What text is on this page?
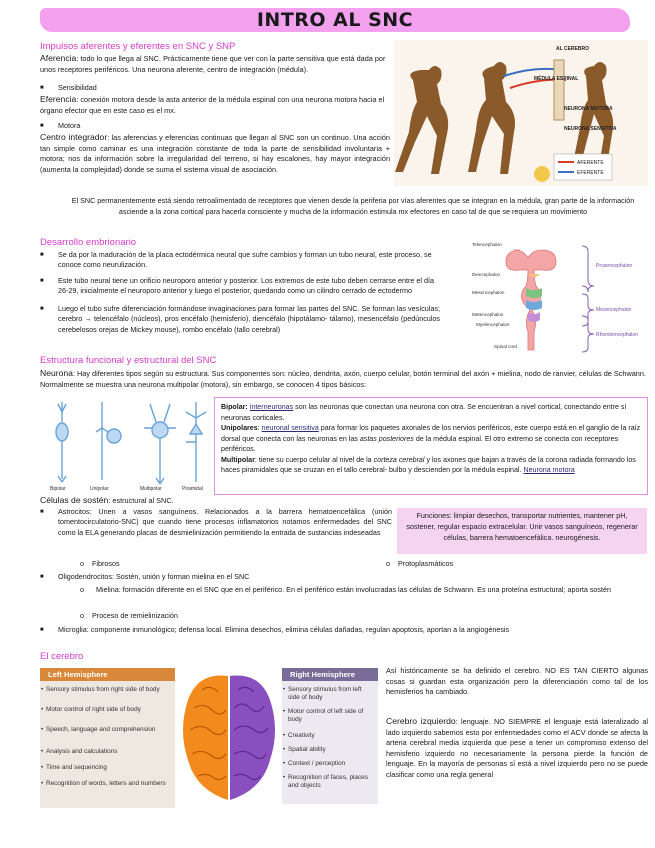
INTRO AL SNC
Impulsos aferentes y eferentes en SNC y SNP
Aferencia: todo lo que llega al SNC. Prácticamente tiene que ver con la parte sensitiva que está dada por unos receptores periféricos. Una neurona aferente, centro de integración (médula).
■	Sensibilidad
Eferencia: conexión motora desde la asta anterior de la médula espinal con una neurona motora hacia el órgano efector que en este caso es el mx.
■	Motora
Centro integrador: las aferencias y eferencias continuas que llegan al SNC son un continuo. Una acción tan simple como caminar es una integración constante de toda la parte de sensibilidad involuntaria + motora; nos da información sobre la irregularidad del terreno, si hay escalones, hay mayor integración (aumenta la complejidad) donde se suma el sistema visual de asociación.
AL CEREBRO
MÉDULA ESPINAL
NEURONA MOTORA
NEURONA SENSITIVA
AFERENTE
EFERENTE
El SNC permanentemente está siendo retroalimentado de receptores que vienen desde la periferia por vías aferentes que se integran en la médula, gran parte de la información asciende a la zona cortical para hacerla consciente y mucha de la información estimula mx efectores en caso tal de que se requiera un movimiento
Desarrollo embrionario
■	Se da por la maduración de la placa ectodérmica neural que sufre cambios y forman un tubo neural, este proceso, se conoce como neurulización.
■	Este tubo neural tiene un orificio neuroporo anterior y posterior. Los extremos de este tubo deben cerrarse entre el día 26-29, inicialmente el neuroporo anterior y luego el posterior, quedando como un cilindro cerrado de ectodermo
■	Luego el tubo sufre diferenciación formándose invaginaciones para formar las partes del SNC. Se forman las vesículas; cerebro → telencéfalo (núcleos), pros encéfalo (hemisferio), diencéfalo (hipotálamo- tálamo), mesencéfalo (pedúnculos cerebelosos orejas de Mickey mouse), rombo encéfalo (tallo cerebral)
Telencephalon
Diencephalon
Mesencephalon
Metencephalon
Myelencephalon
Spinal cord
Prosencephalon
Mesencephalon
Rhombencephalon
Estructura funcional y estructural del SNC
Neurona: Hay diferentes tipos según su estructura. Sus componentes son: núcleo, dendrita, axón, cuerpo celular, botón terminal del axón + mielina, nodo de ranvier, células de Schwann. Normalmente se muestra una neurona multipolar (motora), sin embargo, se conocen 4 tipos básicos:
Bipolar	Unipolar	Multipolar	Piramidal
Bipolar: interneuronas son las neuronas que conectan una neurona con otra. Se encuentran a nivel cortical, conectando entre sí neuronas corticales.
Unipolares: neuronal sensitiva para formar los paquetes axonales de los nervios periféricos, este cuerpo está en el ganglio de la raíz dorsal que conecta con las neuronas en las astas posteriores de la médula espinal. El otro extremo se conecta con receptores periféricos.
Multipolar: tiene su cuerpo celular al nivel de la corteza cerebral y los axones que bajan a través de la corona radiada formando los haces piramidales que se cruzan en el tallo cerebral- bulbo y descienden por la médula espinal. Neurona motora
Células de sostén: estructural al SNC.
■	Astrocitos: Unen a vasos sanguíneos. Relacionados a la barrera hematoencefálica (unión tomentocirculatorio-SNC) que cuando tiene procesos inflamatorios notamos enfermedades del SNC como la ELA generando placas de desmielinización permitiendo la entrada de sustancias indeseadas
Funciones: limpiar desechos, transportar nutrientes, mantener pH, sostener, regular espacio extracelular. Unir vasos sanguíneos, regenerar células, barrera hematoencefálica. neurogénesis.
o Fibrosos	o Protoplasmáticos
■	Oligodendrocitos: Sostén, unión y forman mielina en el SNC
o	Mielina: formación diferente en el SNC que en el periférico. En el periférico están involucradas las células de Schwann. Es una proteína estructural; aporta sostén
o Proceso de remielinización
■	Microglia: componente inmunológico; defensa local. Elimina desechos, elimina células dañadas, regulan apoptosis, aportan a la angiogénesis
El cerebro
Left Hemisphere
• Sensory stimulus from right side of body
• Motor control of right side of body
• Speech, language and comprehension
• Analysis and calculations
• Time and sequencing
• Recognition of words, letters and numbers
Right Hemisphere
• Sensory stimulus from left side of body
• Motor control of left side of body
• Creativity
• Spatial ability
• Context / perception
• Recognition of faces, places and objects
Así históricamente se ha definido el cerebro. NO ES TAN CIERTO algunas cosas si guardan esta organización pero la diferenciación como tal de los hemisferios ha cambiado.
Cerebro izquierdo: lenguaje. NO SIEMPRE el lenguaje está lateralizado al lado izquierdo sabemos esto por enfermedades como el ACV donde se afecta la arteria cerebral media izquierda que pese a tener un compromiso extenso del hemisferio izquierdo no necesariamente la persona pierde la función de lenguaje. En la mayoría de personas sí está a nivel izquierdo pero no se puede clasificar como una regla general
